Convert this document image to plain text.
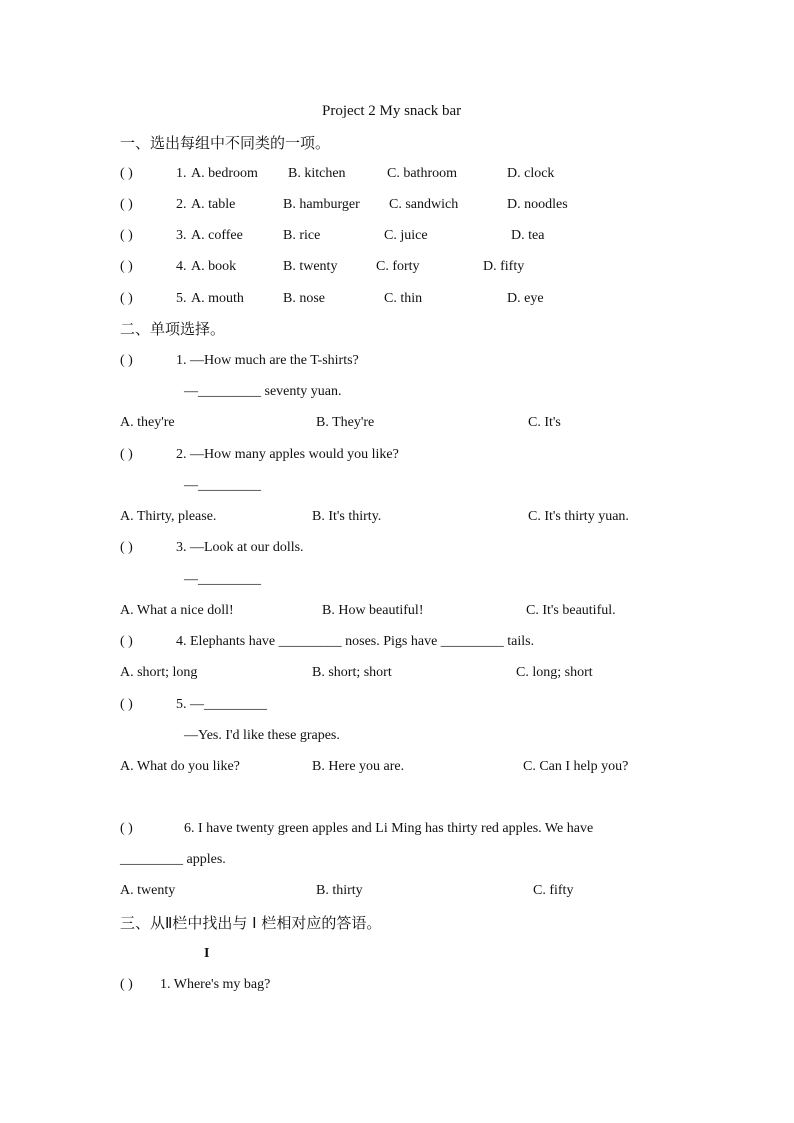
Project 2 My snack bar
一、选出每组中不同类的一项。
( )	1. A. bedroom B. kitchen	C. bathroom	D. clock
( )	2. A. table	B. hamburger C. sandwich	D. noodles
( )	3. A. coffee	B. rice	C. juice	D. tea
( )	4. A. book	B. twenty	C. forty	D. fifty
( )	5. A. mouth	B. nose	C. thin	D. eye
二、单项选择。
( )	1. —How much are the T-shirts?
—_________ seventy yuan.
A. they're	B. They're	C. It's
( )	2. —How many apples would you like?
—_________
A. Thirty, please.	B. It's thirty.	C. It's thirty yuan.
( )	3. —Look at our dolls.
—_________
A. What a nice doll!	B. How beautiful!	C. It's beautiful.
( )	4. Elephants have _________ noses. Pigs have _________ tails.
A. short; long	B. short; short	C. long; short
( )	5. —_________
—Yes. I'd like these grapes.
A. What do you like?	B. Here you are.	C. Can I help you?
( )	6. I have twenty green apples and Li Ming has thirty red apples. We have
_________ apples.
A. twenty	B. thirty	C. fifty
三、从Ⅱ栏中找出与 I 栏相对应的答语。
I
( ) 1. Where's my bag?
